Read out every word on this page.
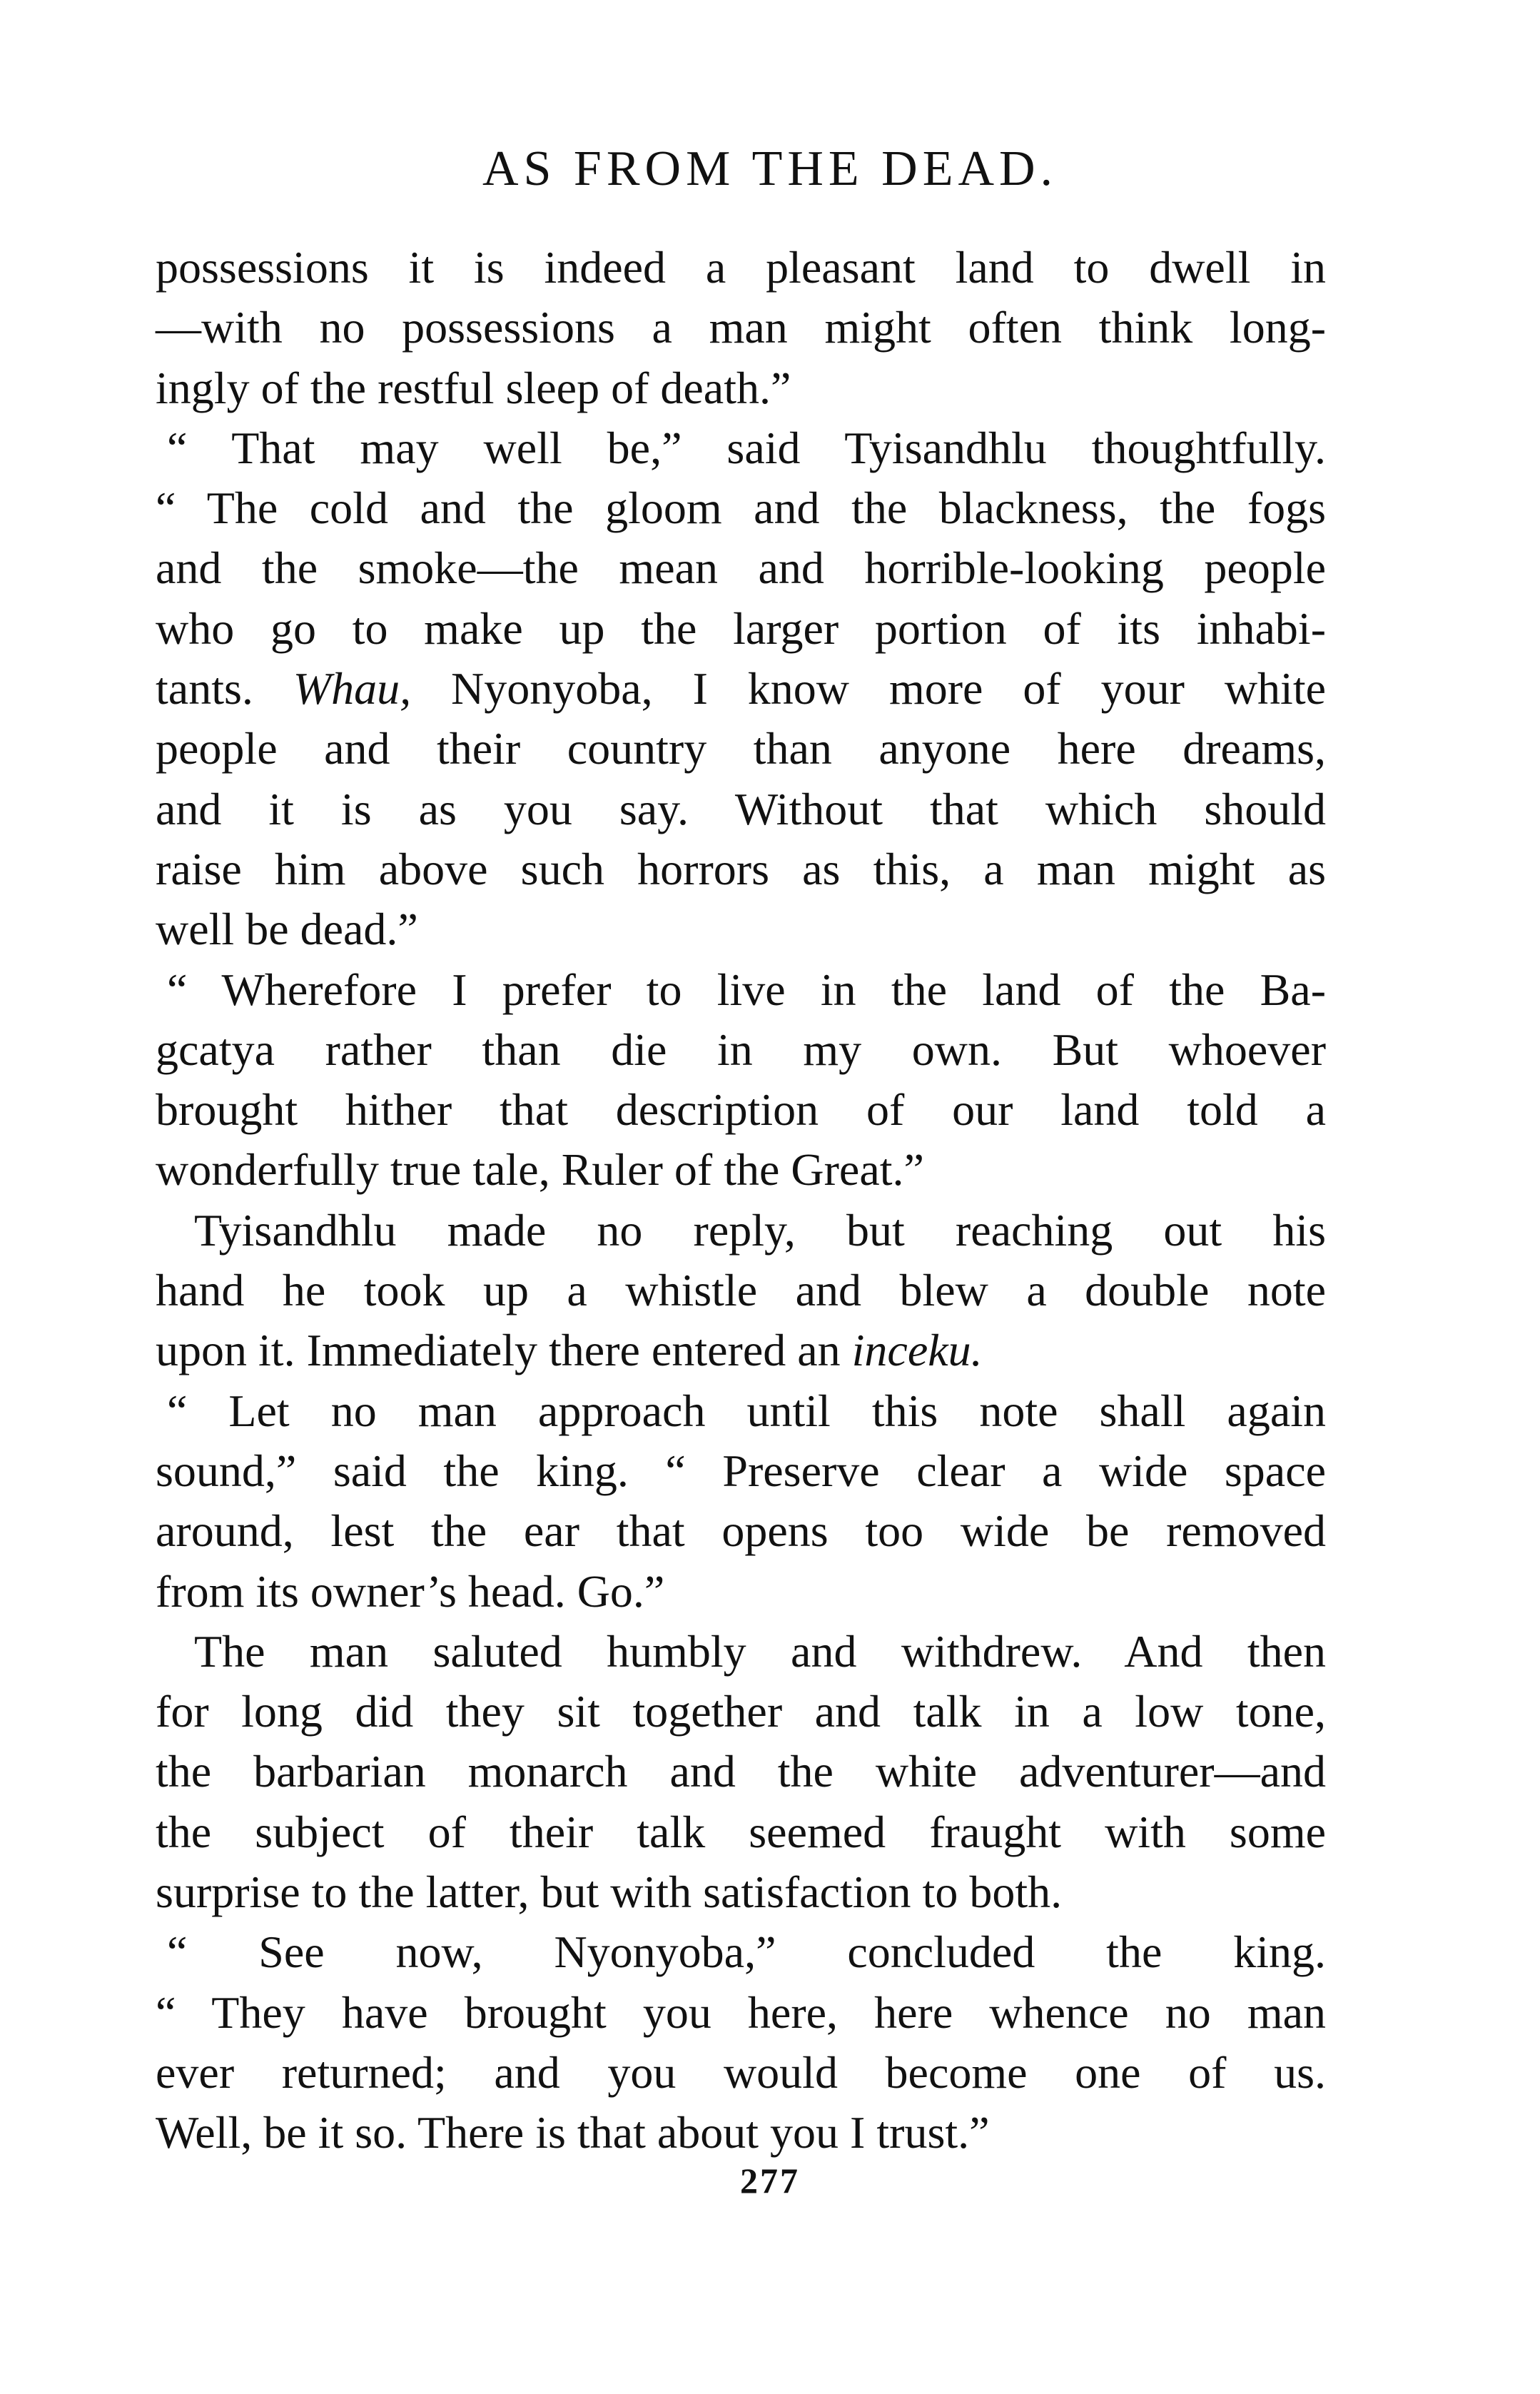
AS FROM THE DEAD.
possessions it is indeed a pleasant land to dwell in
—with no possessions a man might often think long-
ingly of the restful sleep of death.”
“ That may well be,” said Tyisandhlu thoughtfully.
“ The cold and the gloom and the blackness, the fogs
and the smoke—the mean and horrible-looking people
who go to make up the larger portion of its inhabi-
tants. Whau, Nyonyoba, I know more of your white
people and their country than anyone here dreams,
and it is as you say. Without that which should
raise him above such horrors as this, a man might as
well be dead.”
“ Wherefore I prefer to live in the land of the Ba-
gcatya rather than die in my own. But whoever
brought hither that description of our land told a
wonderfully true tale, Ruler of the Great.”
Tyisandhlu made no reply, but reaching out his
hand he took up a whistle and blew a double note
upon it. Immediately there entered an inceku.
“ Let no man approach until this note shall again
sound,” said the king. “ Preserve clear a wide space
around, lest the ear that opens too wide be removed
from its owner’s head. Go.”
The man saluted humbly and withdrew. And then
for long did they sit together and talk in a low tone,
the barbarian monarch and the white adventurer—and
the subject of their talk seemed fraught with some
surprise to the latter, but with satisfaction to both.
“ See now, Nyonyoba,” concluded the king.
“ They have brought you here, here whence no man
ever returned; and you would become one of us.
Well, be it so. There is that about you I trust.”
277
